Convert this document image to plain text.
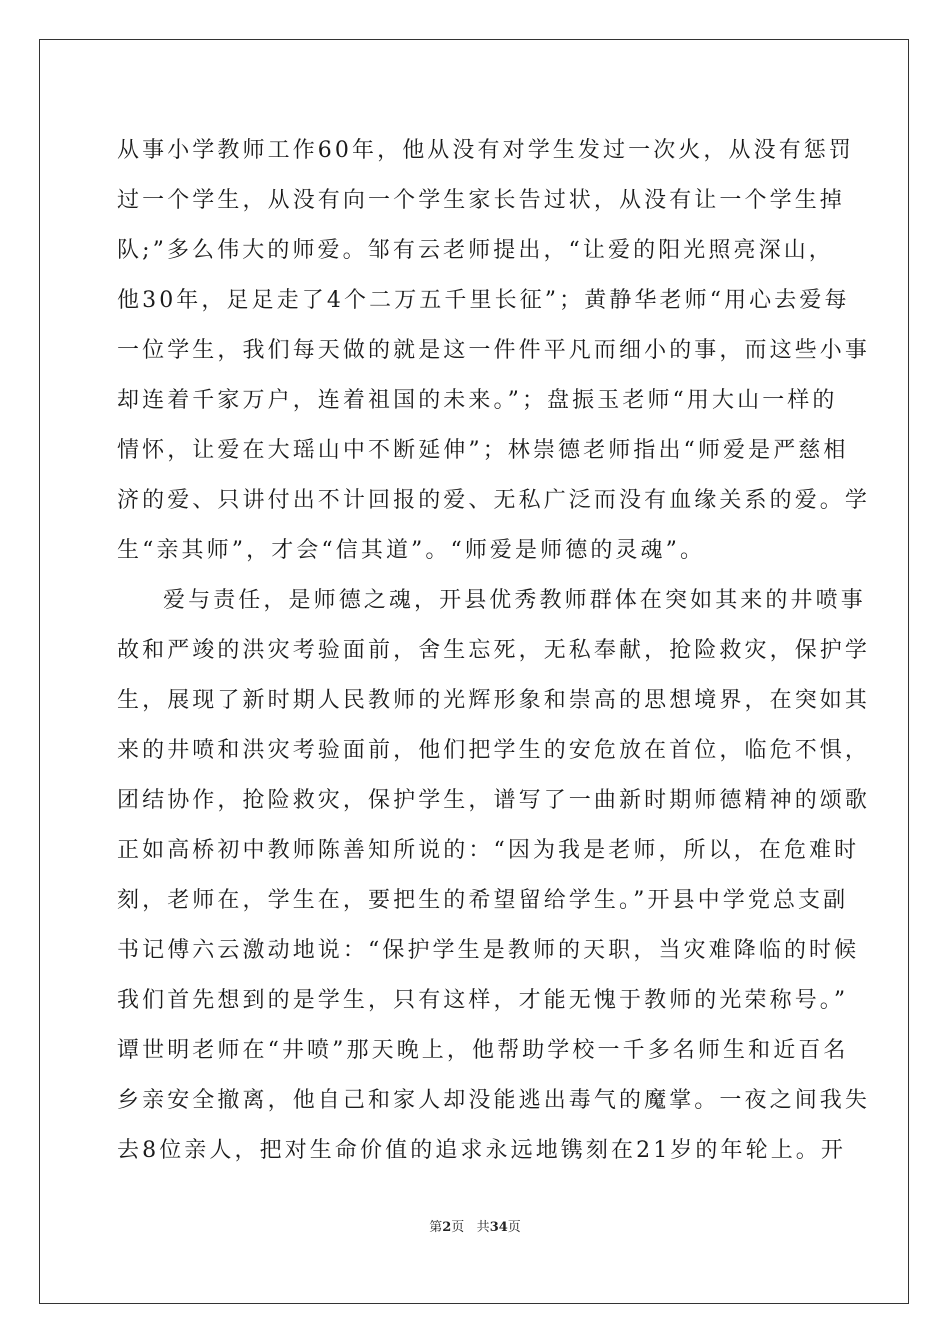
从事小学教师工作60年，他从没有对学生发过一次火，从没有惩罚
过一个学生，从没有向一个学生家长告过状，从没有让一个学生掉
队;”多么伟大的师爱。邹有云老师提出，“让爱的阳光照亮深山，
他30年，足足走了4个二万五千里长征”；黄静华老师“用心去爱每
一位学生，我们每天做的就是这一件件平凡而细小的事，而这些小事
却连着千家万户，连着祖国的未来。”；盘振玉老师“用大山一样的
情怀，让爱在大瑶山中不断延伸”；林崇德老师指出“师爱是严慈相
济的爱、只讲付出不计回报的爱、无私广泛而没有血缘关系的爱。学
生“亲其师”，才会“信其道”。“师爱是师德的灵魂”。
爱与责任，是师德之魂，开县优秀教师群体在突如其来的井喷事
故和严竣的洪灾考验面前，舍生忘死，无私奉献，抢险救灾，保护学
生，展现了新时期人民教师的光辉形象和崇高的思想境界，在突如其
来的井喷和洪灾考验面前，他们把学生的安危放在首位，临危不惧，
团结协作，抢险救灾，保护学生，谱写了一曲新时期师德精神的颂歌
正如高桥初中教师陈善知所说的：“因为我是老师，所以，在危难时
刻，老师在，学生在，要把生的希望留给学生。”开县中学党总支副
书记傅六云激动地说：“保护学生是教师的天职，当灾难降临的时候
我们首先想到的是学生，只有这样，才能无愧于教师的光荣称号。”
谭世明老师在“井喷”那天晚上，他帮助学校一千多名师生和近百名
乡亲安全撤离，他自己和家人却没能逃出毒气的魔掌。一夜之间我失
去8位亲人，把对生命价值的追求永远地镌刻在21岁的年轮上。开
第2页 共34页
